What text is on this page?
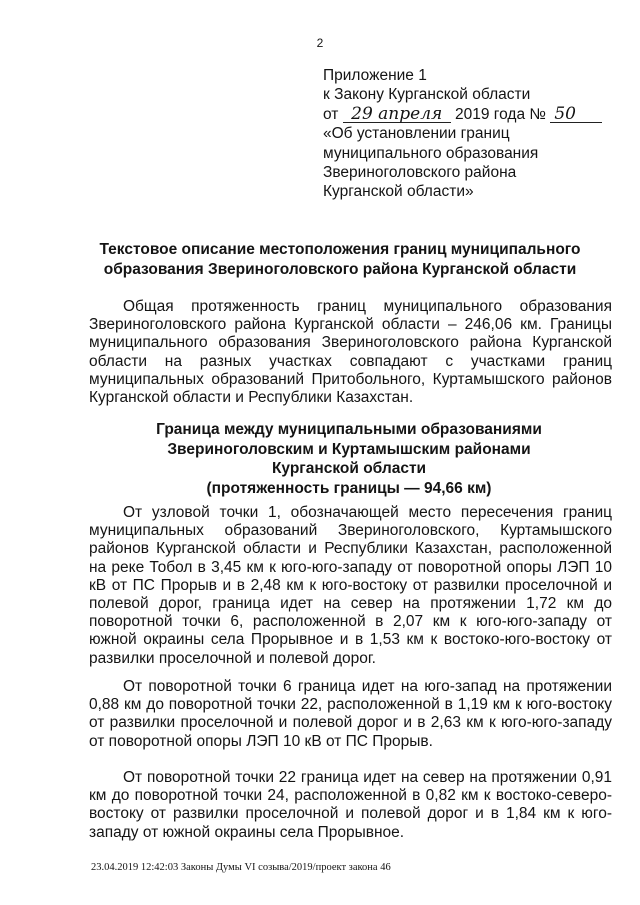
2
Приложение 1
к Закону Курганской области
от 29 апреля 2019 года № 50
«Об установлении границ
муниципального образования
Звериноголовского района
Курганской области»
Текстовое описание местоположения границ муниципального
образования Звериноголовского района Курганской области
Общая протяженность границ муниципального образования Звериноголовского района Курганской области – 246,06 км. Границы муниципального образования Звериноголовского района Курганской области на разных участках совпадают с участками границ муниципальных образований Притобольного, Куртамышского районов Курганской области и Республики Казахстан.
Граница между муниципальными образованиями
Звериноголовским и Куртамышским районами
Курганской области
(протяженность границы — 94,66 км)
От узловой точки 1, обозначающей место пересечения границ муниципальных образований Звериноголовского, Куртамышского районов Курганской области и Республики Казахстан, расположенной на реке Тобол в 3,45 км к юго-юго-западу от поворотной опоры ЛЭП 10 кВ от ПС Прорыв и в 2,48 км к юго-востоку от развилки проселочной и полевой дорог, граница идет на север на протяжении 1,72 км до поворотной точки 6, расположенной в 2,07 км к юго-юго-западу от южной окраины села Прорывное и в 1,53 км к востоко-юго-востоку от развилки проселочной и полевой дорог.
От поворотной точки 6 граница идет на юго-запад на протяжении 0,88 км до поворотной точки 22, расположенной в 1,19 км к юго-востоку от развилки проселочной и полевой дорог и в 2,63 км к юго-юго-западу от поворотной опоры ЛЭП 10 кВ от ПС Прорыв.
От поворотной точки 22 граница идет на север на протяжении 0,91 км до поворотной точки 24, расположенной в 0,82 км к востоко-северо-востоку от развилки проселочной и полевой дорог и в 1,84 км к юго-западу от южной окраины села Прорывное.
23.04.2019 12:42:03 Законы Думы VI созыва/2019/проект закона 46
